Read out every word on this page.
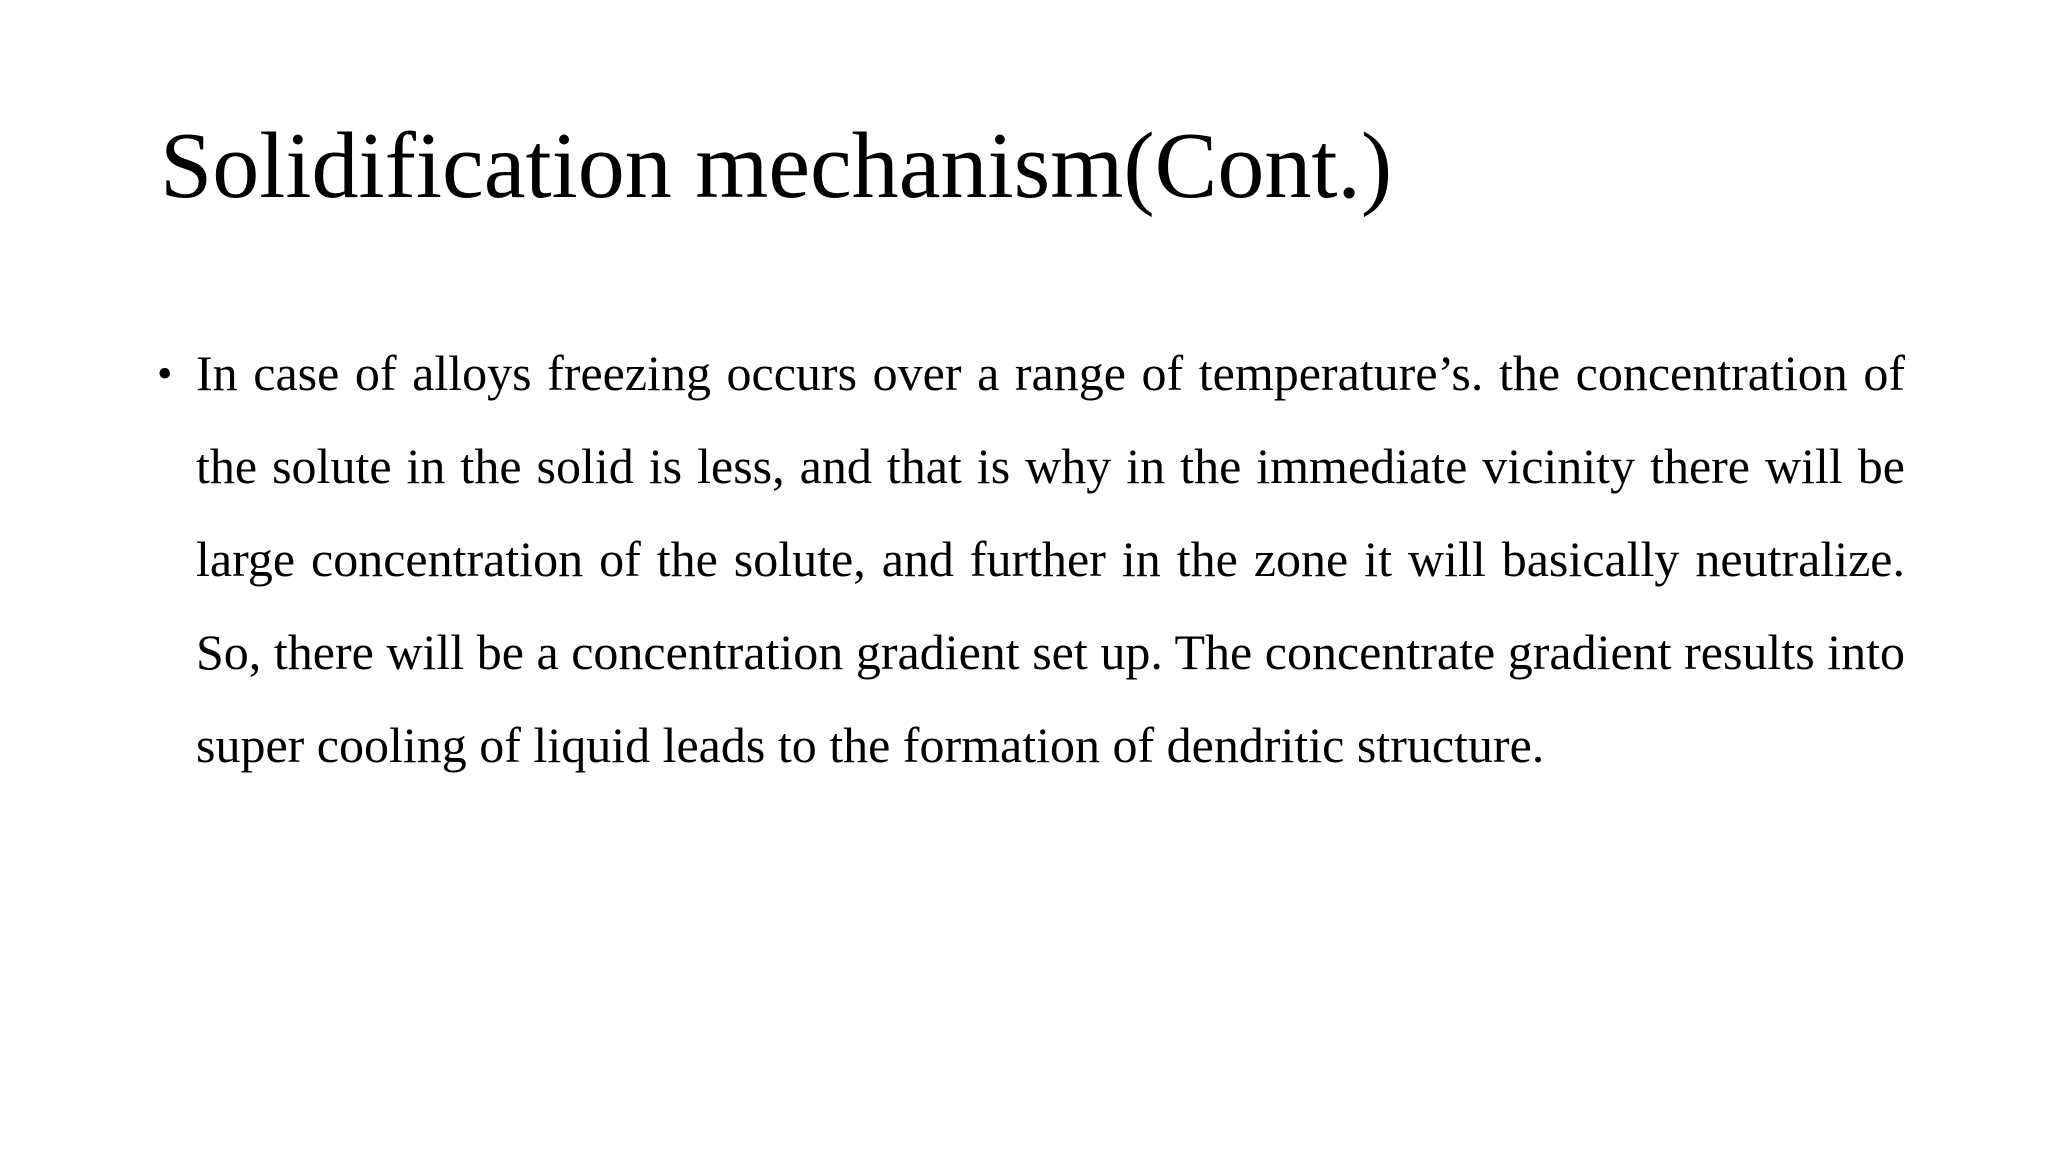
Solidification mechanism(Cont.)
• In case of alloys freezing occurs over a range of temperature’s. the concentration of the solute in the solid is less, and that is why in the immediate vicinity there will be large concentration of the solute, and further in the zone it will basically neutralize. So, there will be a concentration gradient set up. The concentrate gradient results into super cooling of liquid leads to the formation of dendritic structure.
